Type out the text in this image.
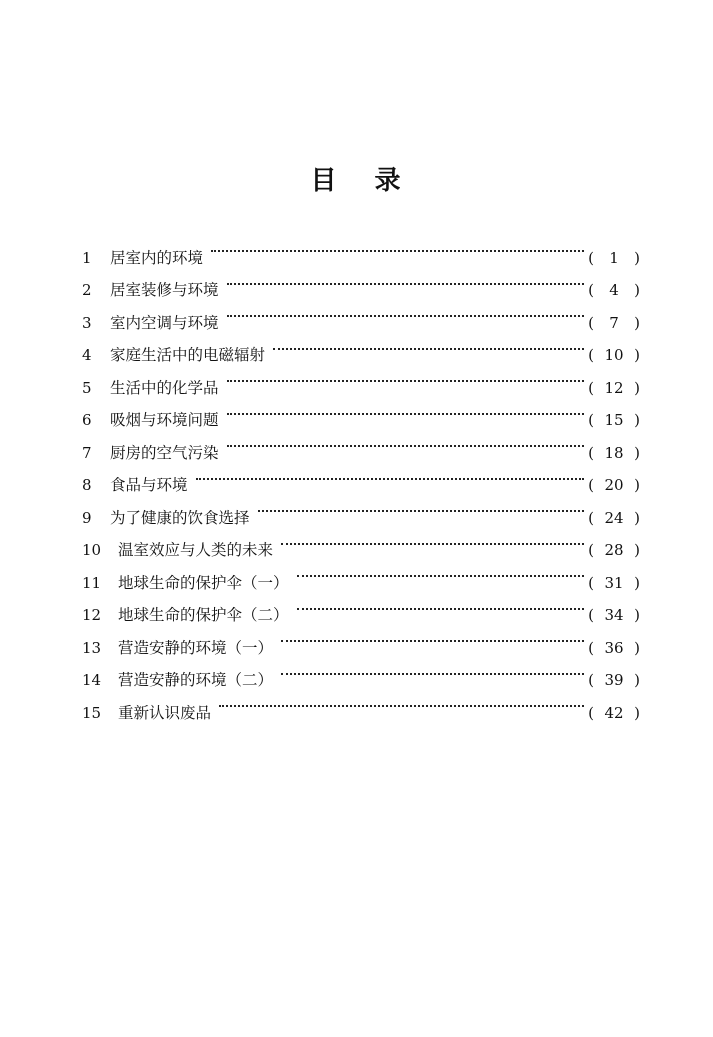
目 录
1	居室内的环境	(	1	)
2	居室装修与环境	(	4	)
3	室内空调与环境	(	7	)
4	家庭生活中的电磁辐射	( 10 )
5	生活中的化学品	( 12 )
6	吸烟与环境问题	( 15 )
7	厨房的空气污染	( 18 )
8	食品与环境	( 20 )
9	为了健康的饮食选择	( 24 )
10	温室效应与人类的未来	( 28 )
11	地球生命的保护伞（一）	( 31 )
12	地球生命的保护伞（二）	( 34 )
13	营造安静的环境（一）	( 36 )
14	营造安静的环境（二）	( 39 )
15	重新认识废品	( 42 )
